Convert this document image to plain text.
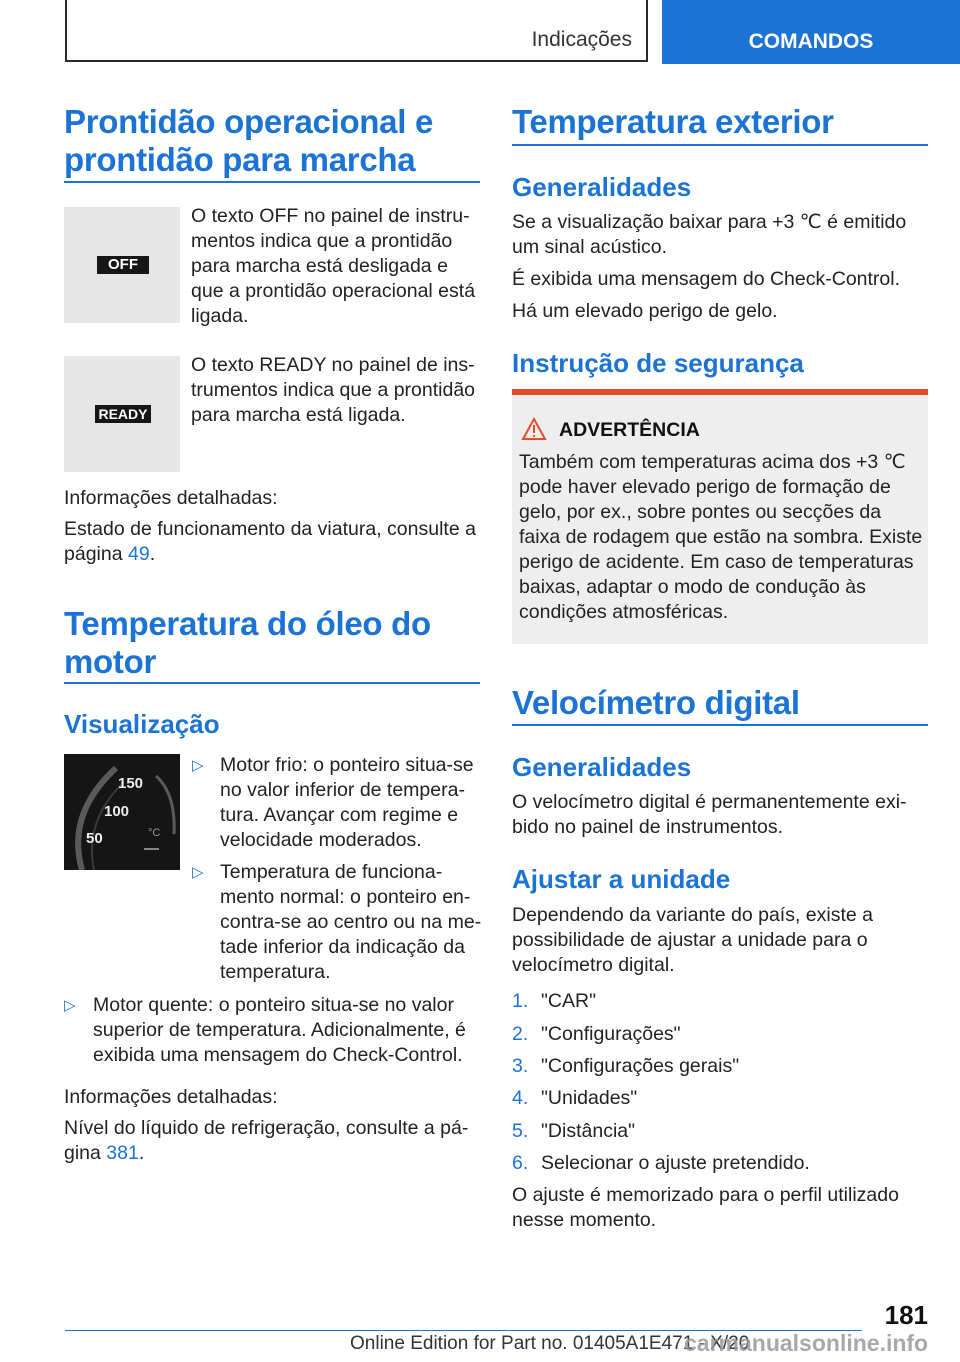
Indicações	COMANDOS
Prontidão operacional e prontidão para marcha
OFF
O texto OFF no painel de instrumentos indica que a prontidão para marcha está desligada e que a prontidão operacional está ligada.
READY
O texto READY no painel de instrumentos indica que a prontidão para marcha está ligada.
Informações detalhadas:
Estado de funcionamento da viatura, consulte a página 49.
Temperatura do óleo do motor
Visualização
150
100
50	°C
▷ Motor frio: o ponteiro situa-se no valor inferior de temperatura. Avançar com regime e velocidade moderados.
▷ Temperatura de funcionamento normal: o ponteiro encontra-se ao centro ou na metade inferior da indicação da temperatura.
▷ Motor quente: o ponteiro situa-se no valor superior de temperatura. Adicionalmente, é exibida uma mensagem do Check-Control.
Informações detalhadas:
Nível do líquido de refrigeração, consulte a página 381.
Temperatura exterior
Generalidades
Se a visualização baixar para +3 ℃ é emitido um sinal acústico.
É exibida uma mensagem do Check-Control.
Há um elevado perigo de gelo.
Instrução de segurança
ADVERTÊNCIA
Também com temperaturas acima dos +3 ℃ pode haver elevado perigo de formação de gelo, por ex., sobre pontes ou secções da faixa de rodagem que estão na sombra. Existe perigo de acidente. Em caso de temperaturas baixas, adaptar o modo de condução às condições atmosféricas.
Velocímetro digital
Generalidades
O velocímetro digital é permanentemente exibido no painel de instrumentos.
Ajustar a unidade
Dependendo da variante do país, existe a possibilidade de ajustar a unidade para o velocímetro digital.
1. "CAR"
2. "Configurações"
3. "Configurações gerais"
4. "Unidades"
5. "Distância"
6. Selecionar o ajuste pretendido.
O ajuste é memorizado para o perfil utilizado nesse momento.
181
Online Edition for Part no. 01405A1E471 - X/20
carmanualsonline.info
